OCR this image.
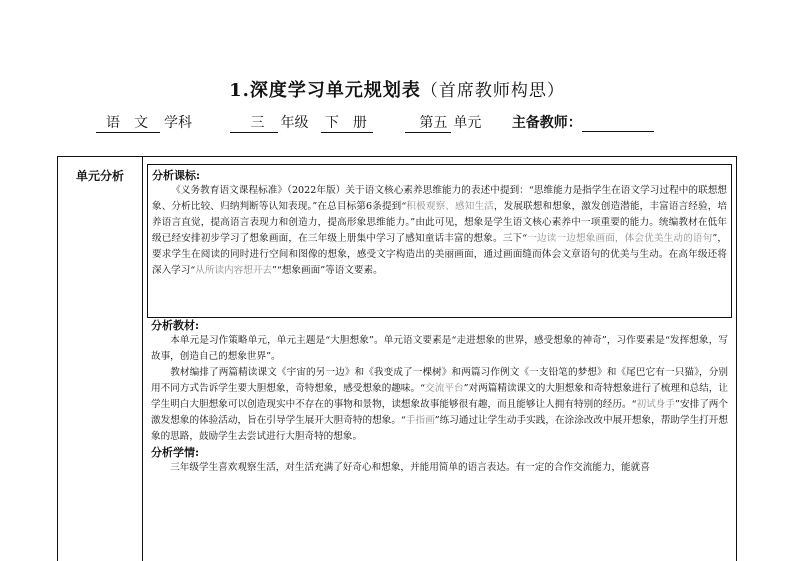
1.深度学习单元规划表（首席教师构思）
语　文 学科	三 年级 下　册	第五 单元 主备教师：
单元分析	分析课标:

《义务教育语文课程标准》（2022年版）关于语文核心素养思维能力的表述中提到：“思维能力是指学生在语文学习过程中的联想想象、分析比较、归纳判断等认知表现。”在总目标第6条提到“积极观察、感知生活，发展联想和想象，激发创造潜能，丰富语言经验，培养语言直觉，提高语言表现力和创造力，提高形象思维能力。”由此可见，想象是学生语文核心素养中一项重要的能力。统编教材在低年级已经安排初步学习了想象画面，在三年级上册集中学习了感知童话丰富的想象。三下“一边读一边想象画面，体会优美生动的语句”，要求学生在阅读的同时进行空间和图像的想象，感受文字构造出的美丽画面，通过画面缝而体会文章语句的优美与生动。在高年级还将深入学习“从所读内容想开去”“想象画面”等语文要素。

分析教材:

本单元是习作策略单元，单元主题是“大胆想象”。单元语文要素是“走进想象的世界，感受想象的神奇”，习作要素是“发挥想象，写故事，创造自己的想象世界”。

教材编排了两篇精读课文《宇宙的另一边》和《我变成了一棵树》和两篇习作例文《一支铅笔的梦想》和《尾巴它有一只猫》，分别用不同方式告诉学生要大胆想象，奇特想象，感受想象的趣味。“交流平台”对两篇精读课文的大胆想象和奇特想象进行了梳理和总结，让学生明白大胆想象可以创造现实中不存在的事物和景物，读想象故事能够很有趣，而且能够让人拥有特别的经历。“初试身手”安排了两个激发想象的体验活动，旨在引导学生展开大胆奇特的想象。“手指画”练习通过让学生动手实践，在涂涂改改中展开想象，帮助学生打开想象的思路，鼓励学生去尝试进行大胆奇特的想象。

分析学情:

三年级学生喜欢观察生活，对生活充满了好奇心和想象，并能用简单的语言表达。有一定的合作交流能力，能就喜
